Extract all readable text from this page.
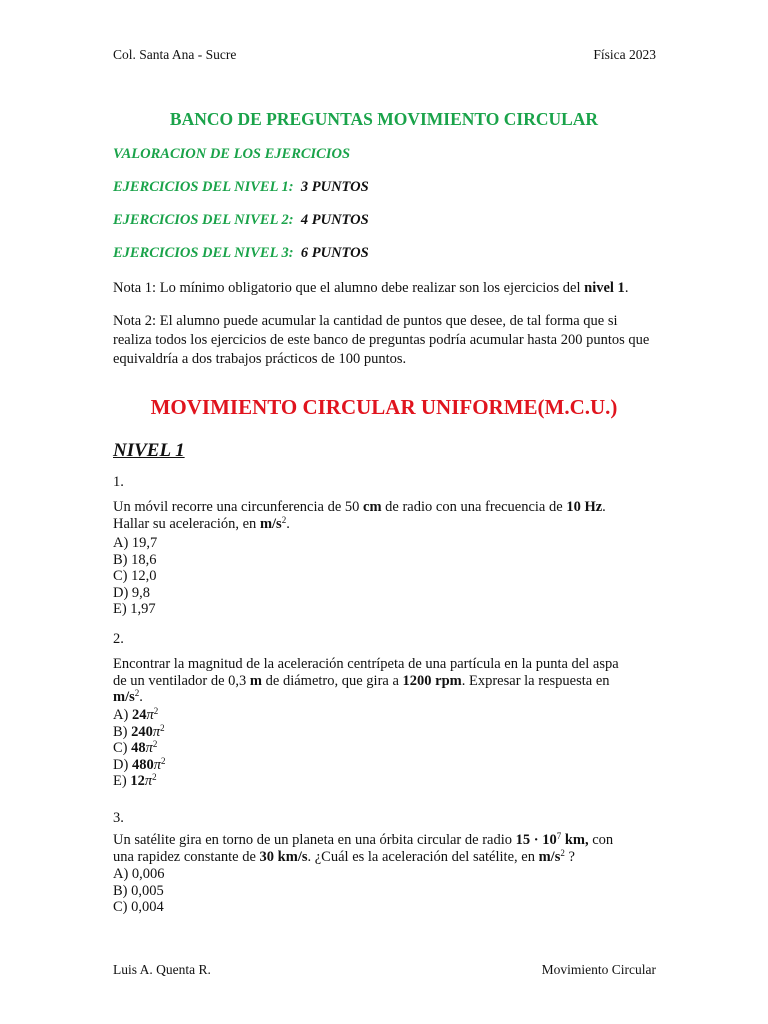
Col. Santa Ana - Sucre	Física 2023
BANCO DE PREGUNTAS MOVIMIENTO CIRCULAR
VALORACION DE LOS EJERCICIOS
EJERCICIOS DEL NIVEL 1: 3 PUNTOS
EJERCICIOS DEL NIVEL 2: 4 PUNTOS
EJERCICIOS DEL NIVEL 3: 6 PUNTOS
Nota 1: Lo mínimo obligatorio que el alumno debe realizar son los ejercicios del nivel 1.
Nota 2: El alumno puede acumular la cantidad de puntos que desee, de tal forma que si realiza todos los ejercicios de este banco de preguntas podría acumular hasta 200 puntos que equivaldría a dos trabajos prácticos de 100 puntos.
MOVIMIENTO CIRCULAR UNIFORME(M.C.U.)
NIVEL 1
1.
Un móvil recorre una circunferencia de 50 cm de radio con una frecuencia de 10 Hz.
Hallar su aceleración, en $m/s^2$.
A) 19,7
B) 18,6
C) 12,0
D) 9,8
E) 1,97
2.
Encontrar la magnitud de la aceleración centrípeta de una partícula en la punta del aspa
de un ventilador de 0,3 m de diámetro, que gira a 1200 rpm. Expresar la respuesta en
$m/s^2$.
A) $24\pi^2$
B) $240\pi^2$
C) $48\pi^2$
D) $480\pi^2$
E) $12\pi^2$
3.
Un satélite gira en torno de un planeta en una órbita circular de radio $15 \cdot 10^7$ km, con
una rapidez constante de 30 km/s. ¿Cuál es la aceleración del satélite, en $m/s^2$ ?
A) 0,006
B) 0,005
C) 0,004
Luis A. Quenta R.	Movimiento Circular
